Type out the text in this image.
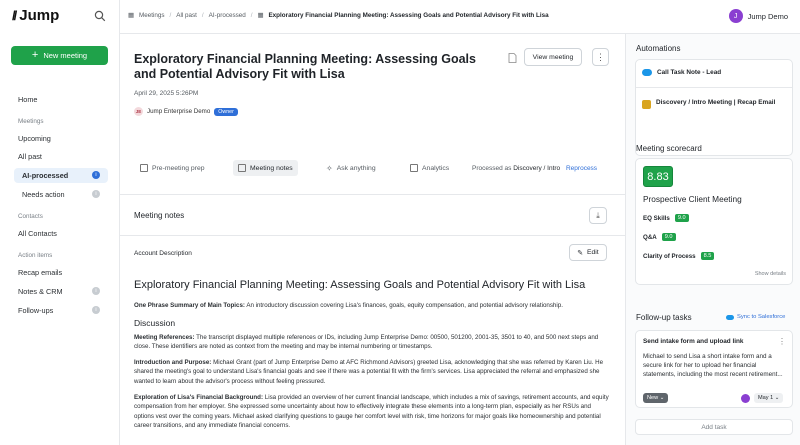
// Jump
+ New meeting
Home
Meetings
Upcoming
All past
AI-processed	i
Needs action	i
Contacts
All Contacts
Action items
Recap emails
Notes & CRM	i
Follow-ups	i
▦ Meetings / All past / AI-processed / ▦ Exploratory Financial Planning Meeting: Assessing Goals and Potential Advisory Fit with Lisa	J	Jump Demo
Exploratory Financial Planning Meeting: Assessing Goals and Potential Advisory Fit with Lisa
View meeting	⋮
April 29, 2025 5:26PM
JE Jump Enterprise Demo	Owner
Pre-meeting prep	Meeting notes	✧ Ask anything	Analytics	Processed as Discovery / Intro Reprocess
Meeting notes	⤓
Account Description	✎ Edit
Exploratory Financial Planning Meeting: Assessing Goals and Potential Advisory Fit with Lisa

One Phrase Summary of Main Topics: An introductory discussion covering Lisa's finances, goals, equity compensation, and potential advisory relationship.

Discussion

Meeting References: The transcript displayed multiple references or IDs, including Jump Enterprise Demo: 00500, 501200, 2001-35, 3501 to 40, and 500 next steps and close. These identifiers are noted as context from the meeting and may be internal numbering or timestamps.

Introduction and Purpose: Michael Grant (part of Jump Enterprise Demo at AFC Richmond Advisors) greeted Lisa, acknowledging that she was referred by Karen Liu. He shared the meeting's goal to understand Lisa's financial goals and see if there was a potential fit with the firm's services. Lisa appreciated the referral and emphasized she wanted to learn about the advisor's process without feeling pressured.

Exploration of Lisa's Financial Background: Lisa provided an overview of her current financial landscape, which includes a mix of savings, retirement accounts, and equity compensation from her employer. She expressed some uncertainty about how to effectively integrate these elements into a long-term plan, especially as her RSUs and options vest over the coming years. Michael asked clarifying questions to gauge her comfort level with risk, time horizons for major goals like homeownership and potential career transitions, and any immediate financial concerns.

Automations
Call Task Note - Lead
Discovery / Intro Meeting | Recap Email
Meeting scorecard
8.83
Prospective Client Meeting
EQ Skills	9.0
Q&A	9.0
Clarity of Process	8.5
Show details
Follow-up tasks	Sync to Salesforce
Send intake form and upload link	⋮
Michael to send Lisa a short intake form and a secure link for her to upload her financial statements, including the most recent retirement...
New ⌄	May 1 ⌄
Add task
